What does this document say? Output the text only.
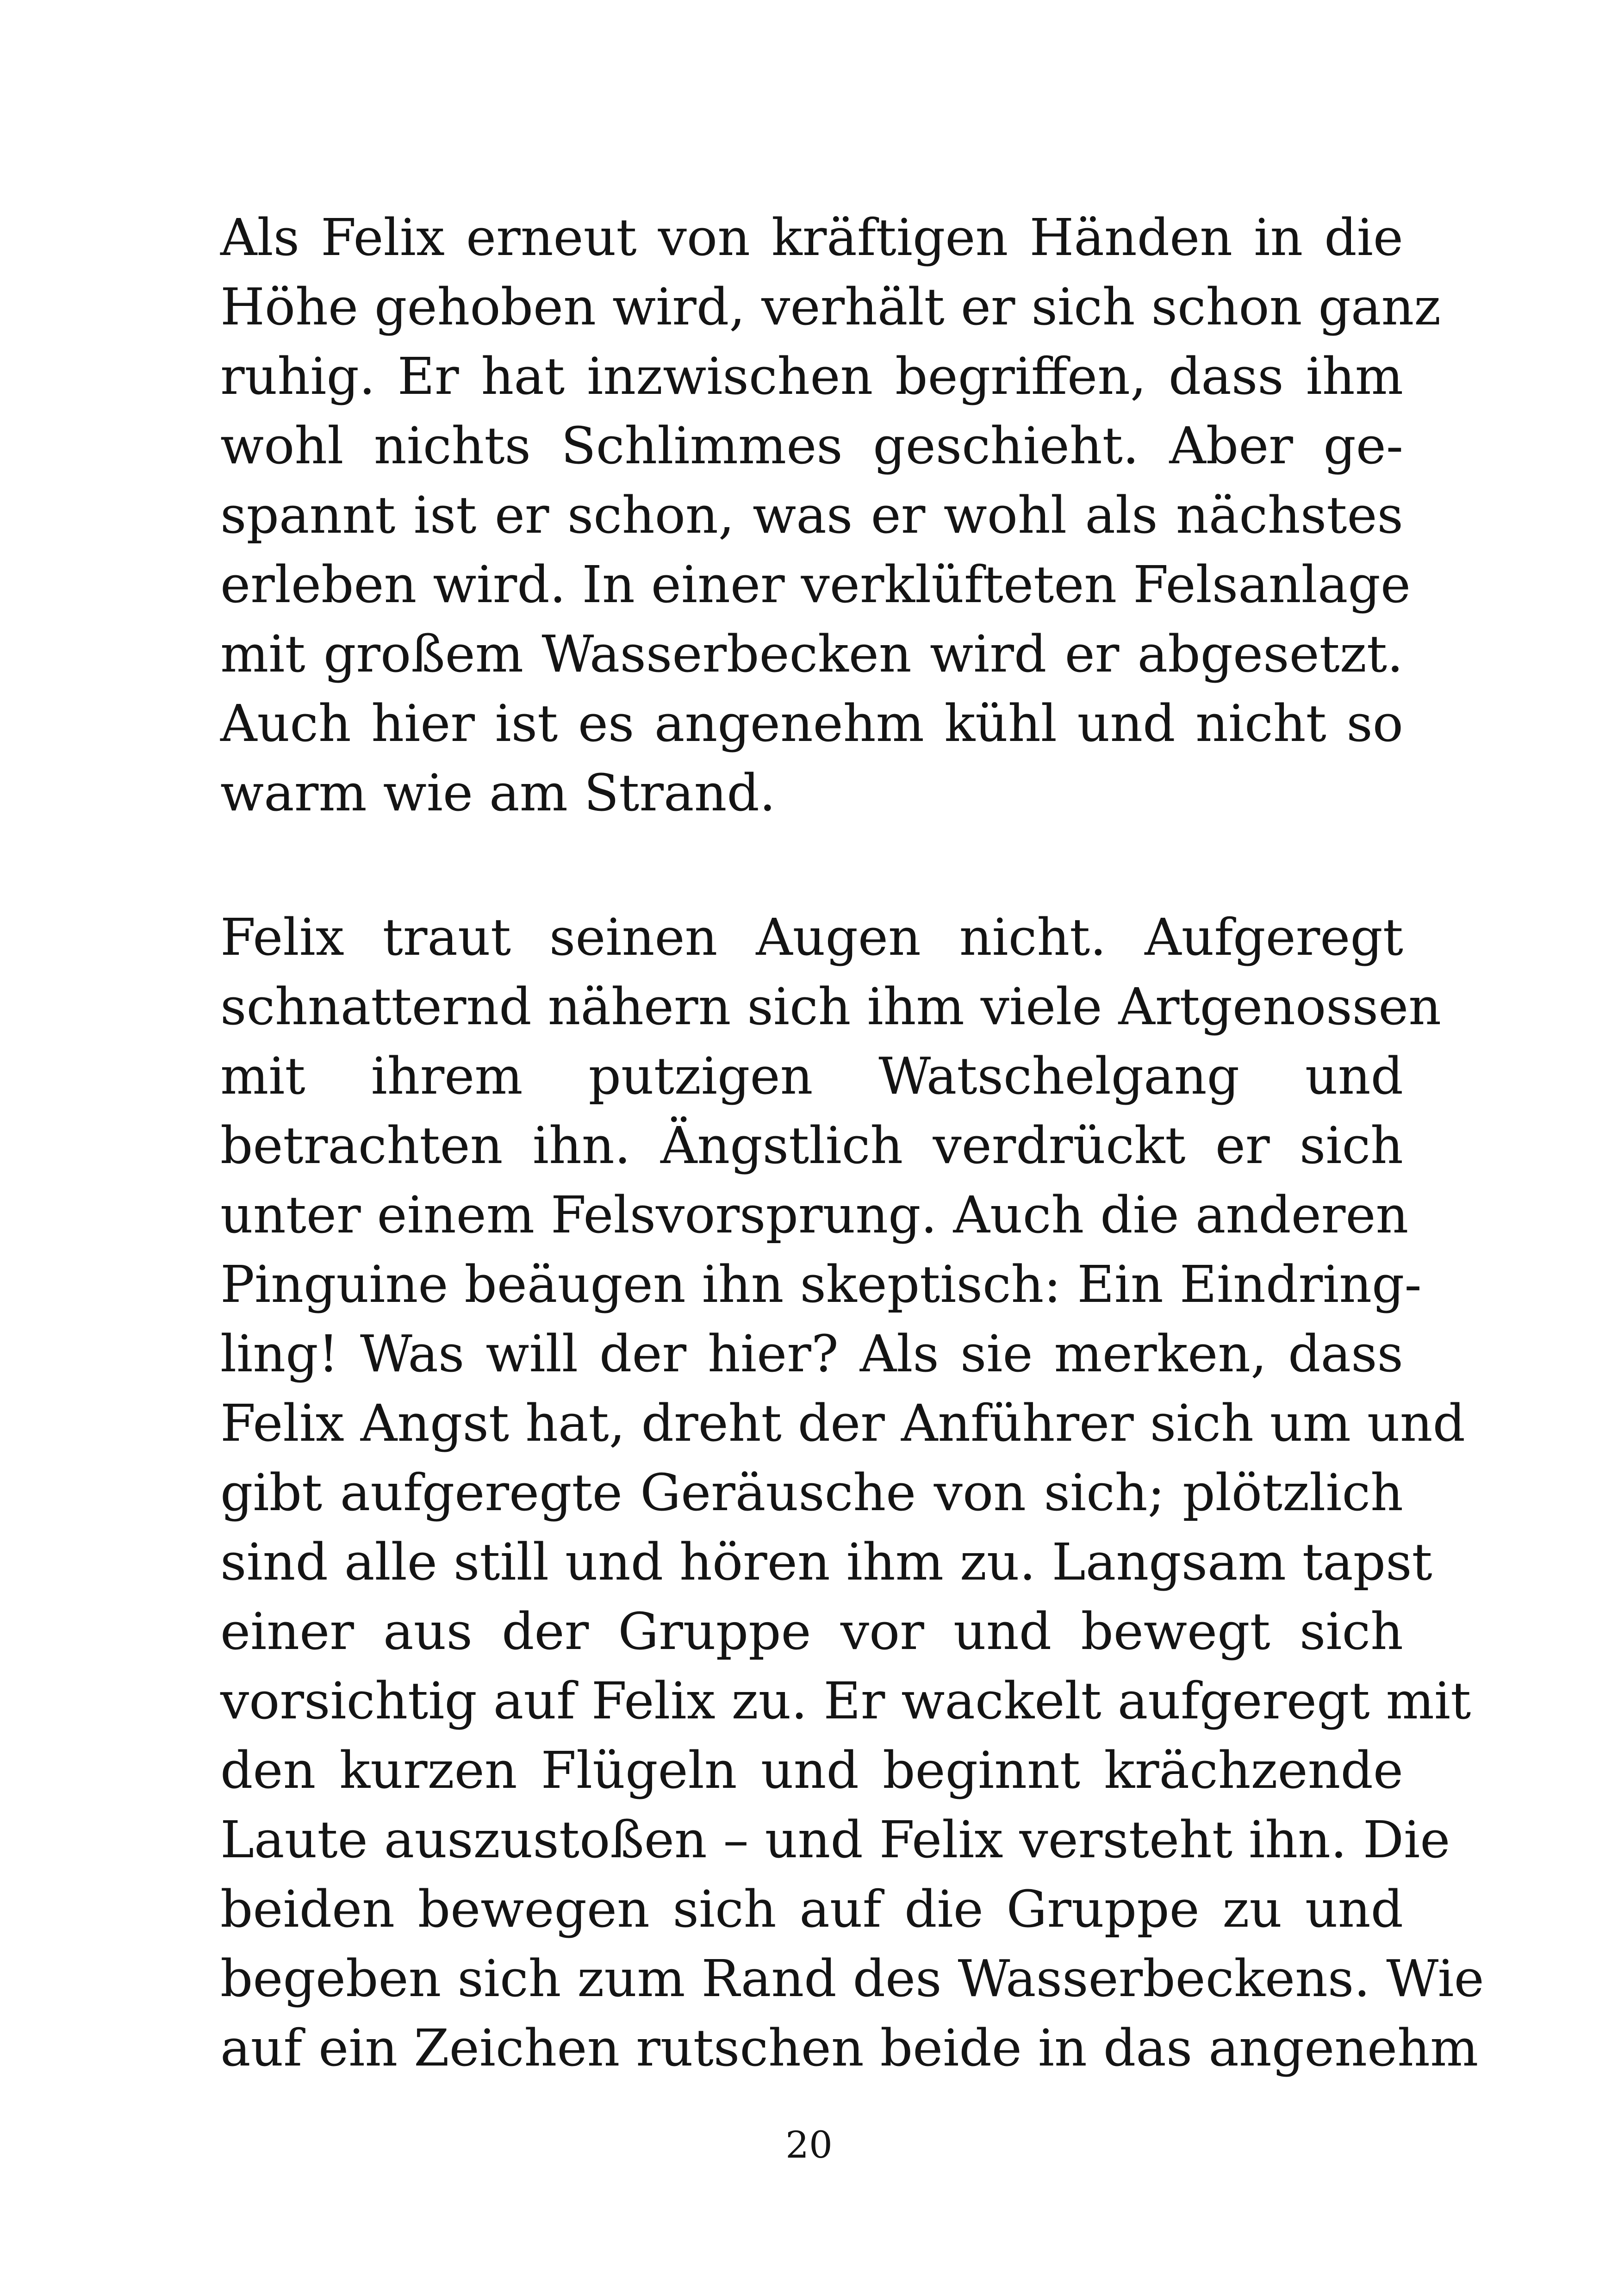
Als Felix erneut von kräftigen Händen in die
Höhe gehoben wird, verhält er sich schon ganz
ruhig. Er hat inzwischen begriffen, dass ihm
wohl nichts Schlimmes geschieht. Aber ge-
spannt ist er schon, was er wohl als nächstes
erleben wird. In einer verklüfteten Felsanlage
mit großem Wasserbecken wird er abgesetzt.
Auch hier ist es angenehm kühl und nicht so
warm wie am Strand.
Felix traut seinen Augen nicht. Aufgeregt
schnatternd nähern sich ihm viele Artgenossen
mit ihrem putzigen Watschelgang und
betrachten ihn. Ängstlich verdrückt er sich
unter einem Felsvorsprung. Auch die anderen
Pinguine beäugen ihn skeptisch: Ein Eindring-
ling! Was will der hier? Als sie merken, dass
Felix Angst hat, dreht der Anführer sich um und
gibt aufgeregte Geräusche von sich; plötzlich
sind alle still und hören ihm zu. Langsam tapst
einer aus der Gruppe vor und bewegt sich
vorsichtig auf Felix zu. Er wackelt aufgeregt mit
den kurzen Flügeln und beginnt krächzende
Laute auszustoßen – und Felix versteht ihn. Die
beiden bewegen sich auf die Gruppe zu und
begeben sich zum Rand des Wasserbeckens. Wie
auf ein Zeichen rutschen beide in das angenehm
20
